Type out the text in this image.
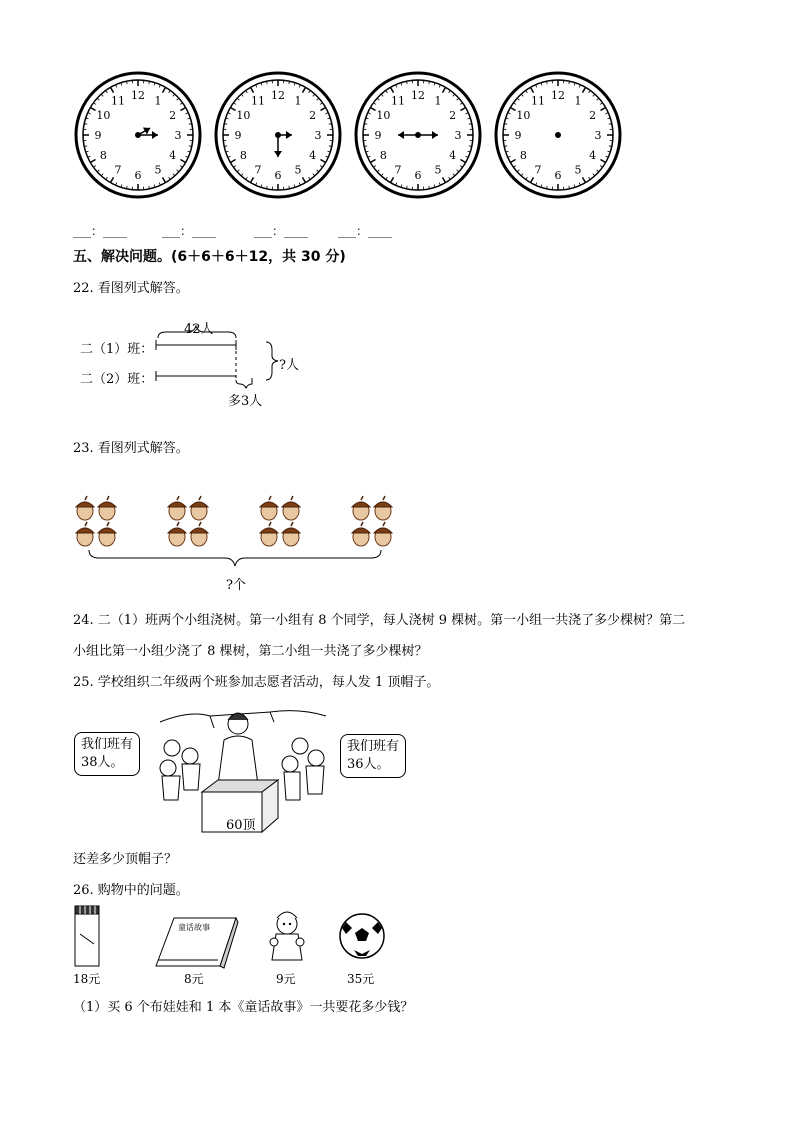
12 1
2
3
4
5
6
7
8
9
10
11	12 1
2
3
4
5
6
7
8
9
10
11	12 1
2
3
4
5
6
7
8
9
10
11	12 1
2
3
4
5
6
7
8
9
10
11
___：____	___：____	___：____ ___：____
五、解决问题。(6＋6＋6＋12，共 30 分)
22. 看图列式解答。
42人
二（1）班：
二（2）班：
?人
多3人
23. 看图列式解答。
?个
24. 二（1）班两个小组浇树。第一小组有 8 个同学，每人浇树 9 棵树。第一小组一共浇了多少棵树？第二
小组比第一小组少浇了 8 棵树，第二小组一共浇了多少棵树？
25. 学校组织二年级两个班参加志愿者活动，每人发 1 顶帽子。
我们班有
38人。
我们班有
36人。
60顶
还差多少顶帽子？
26. 购物中的问题。
童话故事
18元	8元	9元	35元
（1）买 6 个布娃娃和 1 本《童话故事》一共要花多少钱？
